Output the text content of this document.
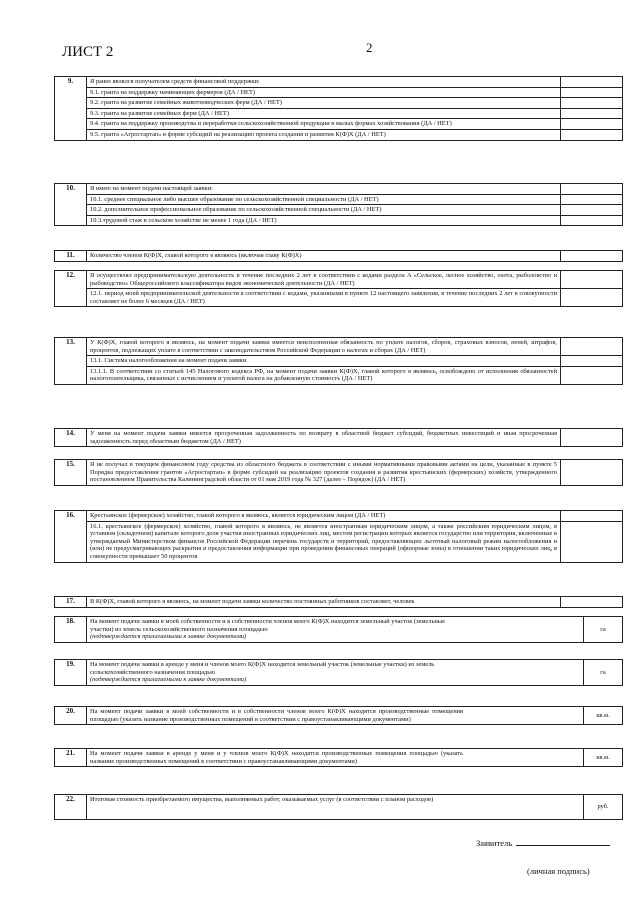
ЛИСТ 2	2
9.	Я ранее являлся получателем средств финансовой поддержки:	
	9.1. гранта на поддержку начинающих фермеров (ДА / НЕТ)	
	9.2. гранта на развитие семейных животноводческих ферм (ДА / НЕТ)	
	9.3. гранта на развитие семейных ферм (ДА / НЕТ)	
	9.4. гранта на поддержку производства и переработки сельскохозяйственной продукции в малых формах хозяйствования (ДА / НЕТ)	
	9.5. гранта «Агростартап» в форме субсидий на реализацию проекта создания и развития К(Ф)Х (ДА / НЕТ)	
10.	Я имею на момент подачи настоящей заявки:	
	10.1. среднее специальное либо высшее образование по сельскохозяйственной специальности (ДА / НЕТ)	
	10.2. дополнительное профессиональное образование по сельскохозяйственной специальности (ДА / НЕТ)	
	10.3.трудовой стаж в сельском хозяйстве не менее 1 года (ДА / НЕТ)	
11.	Количество членов К(Ф)Х, главой которого я являюсь (включая главу К(Ф)Х)	
12.	Я осуществлял предпринимательскую деятельность в течение последних 2 лет в соответствии с кодами раздела A «Сельское, лесное хозяйство, охота, рыболовство и рыбоводство» Общероссийского классификатора видов экономической деятельности (ДА / НЕТ)	
	12.1. период моей предпринимательской деятельности в соответствии с кодами, указанными в пункте 12 настоящего заявления, в течение последних 2 лет в совокупности составляет не более 6 месяцев (ДА / НЕТ)	
13.	У К(Ф)Х, главой которого я являюсь, на момент подачи заявки имеется неисполненная обязанность по уплате налогов, сборов, страховых взносов, пеней, штрафов, процентов, подлежащих уплате в соответствии с законодательством Российской Федерации о налогах и сборах (ДА / НЕТ)	
	13.1. Система налогообложения на момент подачи заявки	
	13.1.1. В соответствии со статьей 145 Налогового кодекса РФ, на момент подачи заявки К(Ф)Х, главой которого я являюсь, освобождено от исполнения обязанностей налогоплательщика, связанных с исчислением и уплатой налога на добавленную стоимость (ДА / НЕТ)	
14.	У меня на момент подачи заявки имеется просроченная задолженность по возврату в областной бюджет субсидий, бюджетных инвестиций и иная просроченная задолженность перед областным бюджетом (ДА / НЕТ)	
15.	Я не получал в текущем финансовом году средства из областного бюджета в соответствии с иными нормативными правовыми актами на цели, указанные в пункте 5 Порядка предоставления грантов «Агростартап» в форме субсидий на реализацию проектов создания и развития крестьянских (фермерских) хозяйств, утвержденного постановлением Правительства Калининградской области от 01 мая 2019 года № 327 (далее – Порядок) (ДА / НЕТ)	
16.	Крестьянское (фермерское) хозяйство, главой которого я являюсь, является юридическим лицом (ДА / НЕТ)	
	16.1. крестьянское (фермерское) хозяйство, главой которого я являюсь, не является иностранным юридическим лицом, а также российским юридическим лицом, в уставном (складочном) капитале которого доля участия иностранных юридических лиц, местом регистрации которых является государство или территория, включенные в утверждаемый Министерством финансов Российской Федерации перечень государств и территорий, предоставляющих льготный налоговый режим налогообложения и (или) не предусматривающих раскрытия и предоставления информации при проведении финансовых операций (офшорные зоны) в отношении таких юридических лиц, в совокупности превышает 50 процентов	
17.	В К(Ф)Х, главой которого я являюсь, на момент подачи заявки количество постоянных работников составляет, человек	
18.	На момент подачи заявки в моей собственности и в собственности членов моего К(Ф)Х находится земельный участок (земельные участки) из земель сельскохозяйственного назначения площадью
(подтверждается прилагаемыми к заявке документами)
	га
19.	На момент подачи заявки в аренде у меня и членов моего К(Ф)Х находится земельный участок (земельные участки) из земель сельскохозяйственного назначения площадью
(подтверждается прилагаемыми к заявке документами)
	га
20.	На момент подачи заявки в моей собственности и в собственности членов моего К(Ф)Х находятся производственные помещения площадью (указать название производственных помещений в соответствии с правоустанавливающими документами)	кв.м.
21.	На момент подачи заявки в аренде у меня и у членов моего К(Ф)Х находятся производственные помещения площадью (указать название производственных помещений в соответствии с правоустанавливающими документами)	кв.м.
22.	Итоговая стоимость приобретаемого имущества, выполняемых работ, оказываемых услуг (в соответствии с планом расходов)	руб.
Заявитель
(личная подпись)
